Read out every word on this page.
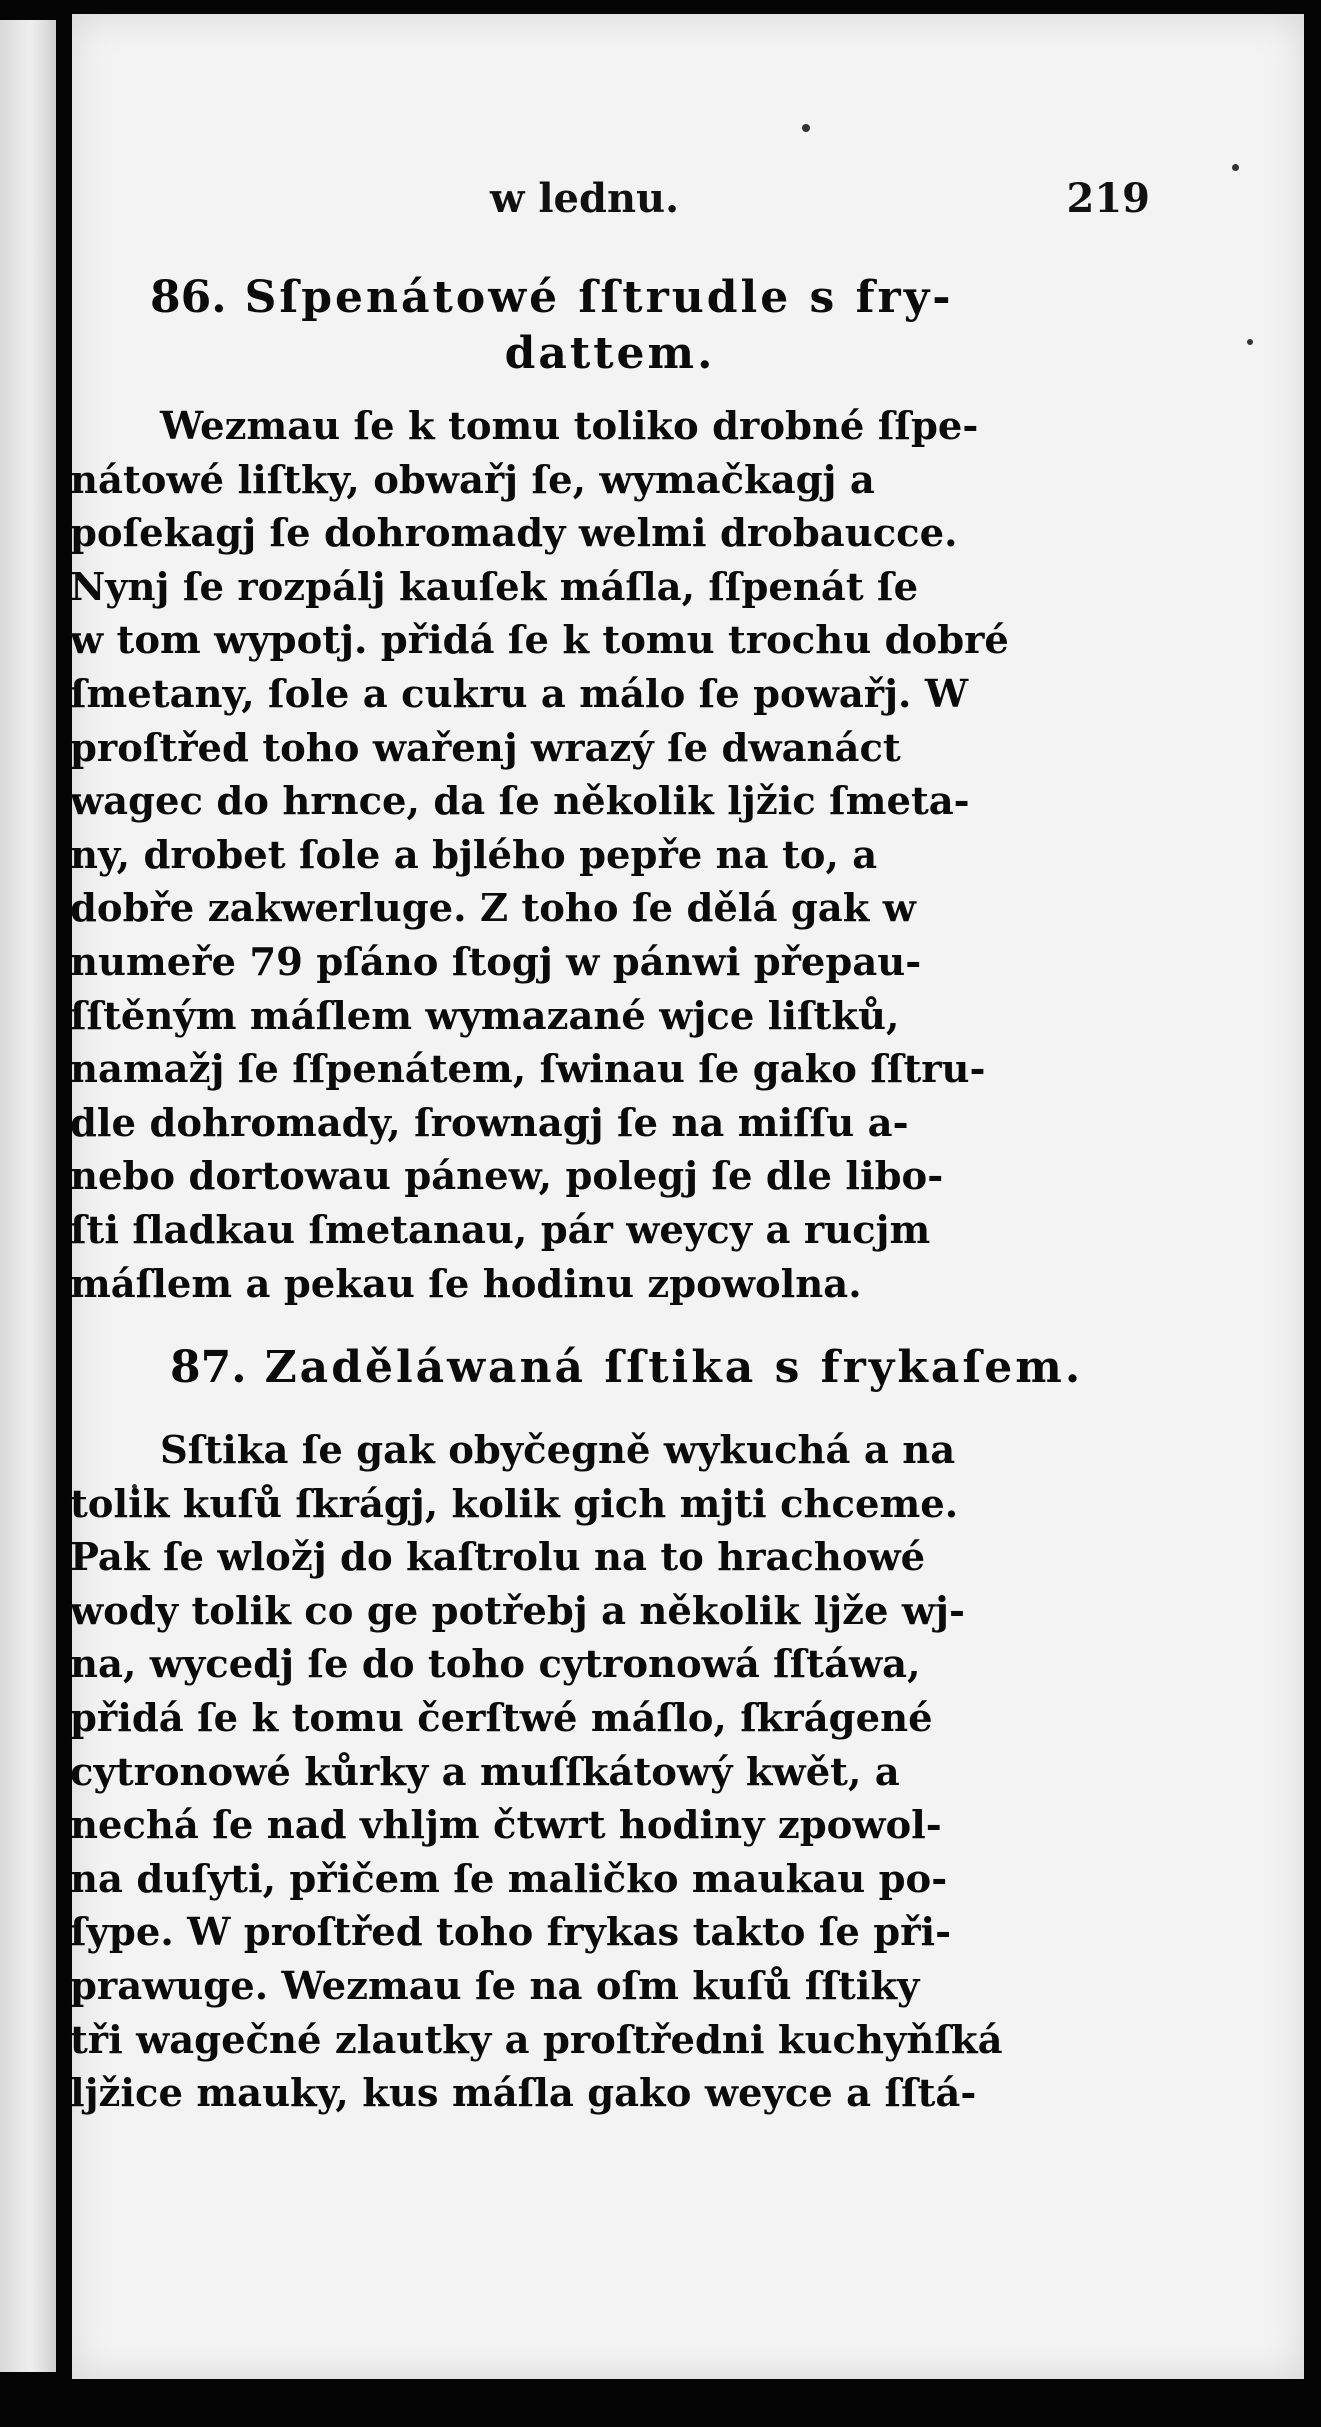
w lednu.	219
86. Sſpenátowé ſſtrudle s fry-
dattem.

Wezmau ſe k tomu toliko drobné ſſpe-
nátowé liſtky, obwařj ſe, wymačkagj a
poſekagj ſe dohromady welmi drobaucce.
Nynj ſe rozpálj kauſek máſla, ſſpenát ſe
w tom wypotj. přidá ſe k tomu trochu dobré
ſmetany, ſole a cukru a málo ſe powařj. W
proſtřed toho wařenj wrazý ſe dwanáct
wagec do hrnce, da ſe několik ljžic ſmeta-
ny, drobet ſole a bjlého pepře na to, a
dobře zakwerluge. Z toho ſe dělá gak w
numeře 79 pſáno ſtogj w pánwi přepau-
ſſtěným máſlem wymazané wjce liſtků,
namažj ſe ſſpenátem, ſwinau ſe gako ſſtru-
dle dohromady, ſrownagj ſe na miſſu a-
nebo dortowau pánew, polegj ſe dle libo-
ſti ſladkau ſmetanau, pár weycy a rucjm
máſlem a pekau ſe hodinu zpowolna.

87. Zaděláwaná ſſtika s frykaſem.

Sſtika ſe gak obyčegně wykuchá a na
tolik kuſů ſkrágj, kolik gich mjti chceme.
Pak ſe wložj do kaſtrolu na to hrachowé
wody tolik co ge potřebj a několik ljže wj-
na, wycedj ſe do toho cytronowá ſſtáwa,
přidá ſe k tomu čerſtwé máſlo, ſkrágené
cytronowé kůrky a muſſkátowý kwět, a
nechá ſe nad vhljm čtwrt hodiny zpowol-
na duſyti, přičem ſe maličko maukau po-
ſype. W proſtřed toho frykas takto ſe při-
prawuge. Wezmau ſe na oſm kuſů ſſtiky
tři wagečné zlautky a proſtředni kuchyňſká
ljžice mauky, kus máſla gako weyce a ſſtá-
